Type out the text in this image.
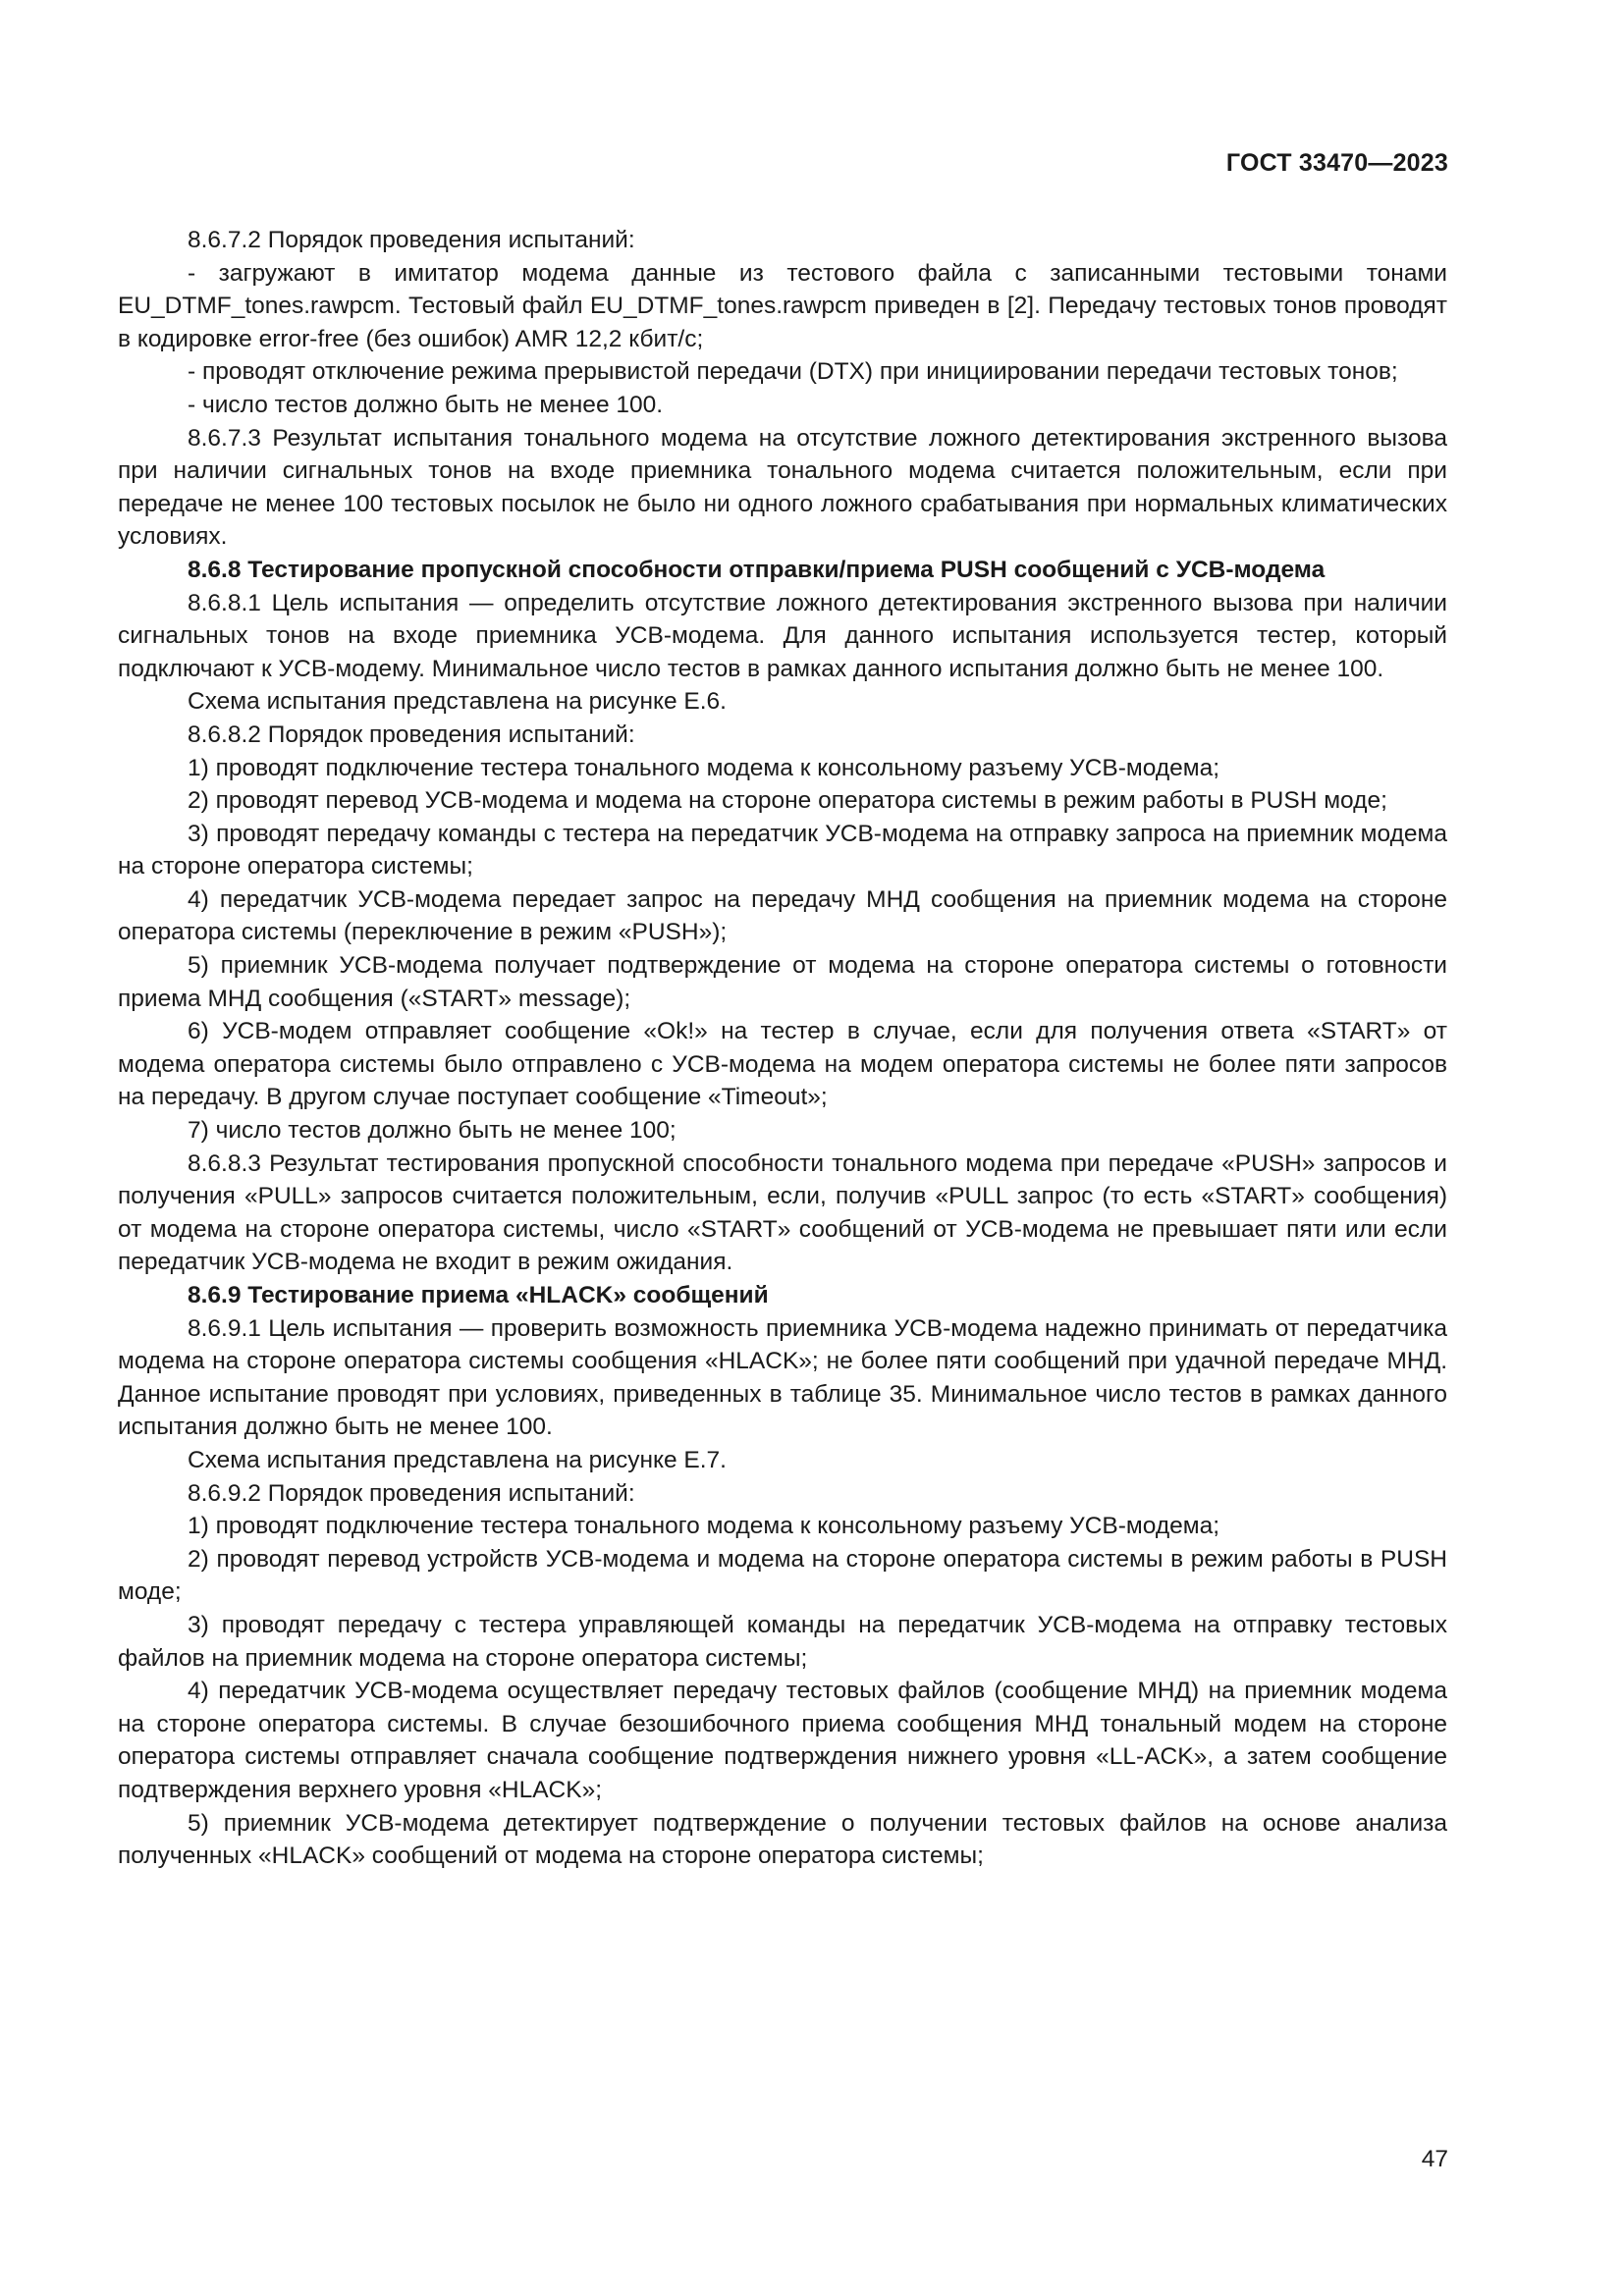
ГОСТ 33470—2023

8.6.7.2 Порядок проведения испытаний:

- загружают в имитатор модема данные из тестового файла с записанными тестовыми тонами EU_DTMF_tones.rawpcm. Тестовый файл EU_DTMF_tones.rawpcm приведен в [2]. Передачу тестовых тонов проводят в кодировке error-free (без ошибок) AMR 12,2 кбит/с;

- проводят отключение режима прерывистой передачи (DTX) при инициировании передачи тестовых тонов;

- число тестов должно быть не менее 100.

8.6.7.3 Результат испытания тонального модема на отсутствие ложного детектирования экстренного вызова при наличии сигнальных тонов на входе приемника тонального модема считается положительным, если при передаче не менее 100 тестовых посылок не было ни одного ложного срабатывания при нормальных климатических условиях.

8.6.8 Тестирование пропускной способности отправки/приема PUSH сообщений с УСВ-модема

8.6.8.1 Цель испытания — определить отсутствие ложного детектирования экстренного вызова при наличии сигнальных тонов на входе приемника УСВ-модема. Для данного испытания используется тестер, который подключают к УСВ-модему. Минимальное число тестов в рамках данного испытания должно быть не менее 100.

Схема испытания представлена на рисунке Е.6.

8.6.8.2 Порядок проведения испытаний:

1) проводят подключение тестера тонального модема к консольному разъему УСВ-модема;

2) проводят перевод УСВ-модема и модема на стороне оператора системы в режим работы в PUSH моде;

3) проводят передачу команды с тестера на передатчик УСВ-модема на отправку запроса на приемник модема на стороне оператора системы;

4) передатчик УСВ-модема передает запрос на передачу МНД сообщения на приемник модема на стороне оператора системы (переключение в режим «PUSH»);

5) приемник УСВ-модема получает подтверждение от модема на стороне оператора системы о готовности приема МНД сообщения («START» message);

6) УСВ-модем отправляет сообщение «Ok!» на тестер в случае, если для получения ответа «START» от модема оператора системы было отправлено с УСВ-модема на модем оператора системы не более пяти запросов на передачу. В другом случае поступает сообщение «Timeout»;

7) число тестов должно быть не менее 100;

8.6.8.3 Результат тестирования пропускной способности тонального модема при передаче «PUSH» запросов и получения «PULL» запросов считается положительным, если, получив «PULL запрос (то есть «START» сообщения) от модема на стороне оператора системы, число «START» сообщений от УСВ-модема не превышает пяти или если передатчик УСВ-модема не входит в режим ожидания.

8.6.9 Тестирование приема «HLACK» сообщений

8.6.9.1 Цель испытания — проверить возможность приемника УСВ-модема надежно принимать от передатчика модема на стороне оператора системы сообщения «HLACK»; не более пяти сообщений при удачной передаче МНД. Данное испытание проводят при условиях, приведенных в таблице 35. Минимальное число тестов в рамках данного испытания должно быть не менее 100.

Схема испытания представлена на рисунке Е.7.

8.6.9.2 Порядок проведения испытаний:

1) проводят подключение тестера тонального модема к консольному разъему УСВ-модема;

2) проводят перевод устройств УСВ-модема и модема на стороне оператора системы в режим работы в PUSH моде;

3) проводят передачу с тестера управляющей команды на передатчик УСВ-модема на отправку тестовых файлов на приемник модема на стороне оператора системы;

4) передатчик УСВ-модема осуществляет передачу тестовых файлов (сообщение МНД) на приемник модема на стороне оператора системы. В случае безошибочного приема сообщения МНД тональный модем на стороне оператора системы отправляет сначала сообщение подтверждения нижнего уровня «LL-ACK», а затем сообщение подтверждения верхнего уровня «HLACK»;

5) приемник УСВ-модема детектирует подтверждение о получении тестовых файлов на основе анализа полученных «HLACK» сообщений от модема на стороне оператора системы;

47
